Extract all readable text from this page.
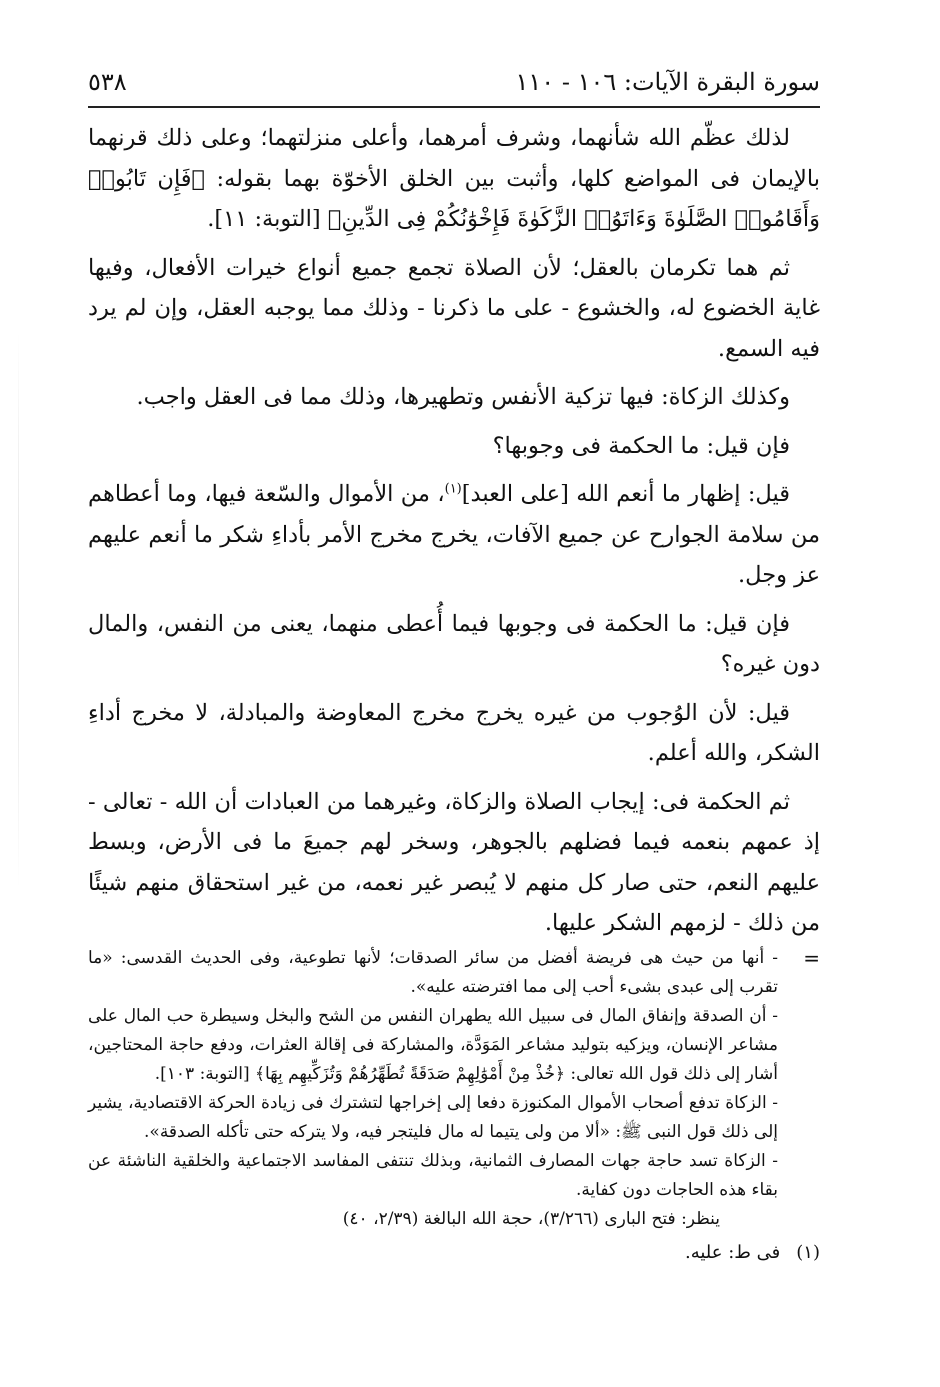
سورة البقرة الآيات: ١٠٦ - ١١٠
٥٣٨

لذلك عظّم الله شأنهما، وشرف أمرهما، وأعلى منزلتهما؛ وعلى ذلك قرنهما بالإيمان فى المواضع كلها، وأثبت بين الخلق الأخوّة بهما بقوله: ﴿فَإِن تَابُوا۟ وَأَقَامُوا۟ الصَّلَوٰةَ وَءَاتَوُا۟ الزَّكَوٰةَ فَإِخْوَٰنُكُمْ فِى الدِّينِ﴾ [التوبة: ١١].

ثم هما تكرمان بالعقل؛ لأن الصلاة تجمع جميع أنواع خيرات الأفعال، وفيها غاية الخضوع له، والخشوع - على ما ذكرنا - وذلك مما يوجبه العقل، وإن لم يرد فيه السمع.

وكذلك الزكاة: فيها تزكية الأنفس وتطهيرها، وذلك مما فى العقل واجب.

فإن قيل: ما الحكمة فى وجوبها؟

قيل: إظهار ما أنعم الله [على العبد]$^{(١)}$، من الأموال والسّعة فيها، وما أعطاهم من سلامة الجوارح عن جميع الآفات، يخرج مخرج الأمر بأداءِ شكر ما أنعم عليهم عز وجل.

فإن قيل: ما الحكمة فى وجوبها فيما أُعطى منهما، يعنى من النفس، والمال دون غيره؟

قيل: لأن الوُجوب من غيره يخرج مخرج المعاوضة والمبادلة، لا مخرج أداءِ الشكر، والله أعلم.

ثم الحكمة فى: إيجاب الصلاة والزكاة، وغيرهما من العبادات أن الله - تعالى - إذ عمهم بنعمه فيما فضلهم بالجوهر، وسخر لهم جميعَ ما فى الأرض، وبسط عليهم النعم، حتى صار كل منهم لا يُبصر غير نعمه، من غير استحقاق منهم شيئًا من ذلك - لزمهم الشكر عليها.

=

- أنها من حيث هى فريضة أفضل من سائر الصدقات؛ لأنها تطوعية، وفى الحديث القدسى: «ما تقرب إلى عبدى بشىء أحب إلى مما افترضته عليه».

- أن الصدقة وإنفاق المال فى سبيل الله يطهران النفس من الشح والبخل وسيطرة حب المال على مشاعر الإنسان، ويزكيه بتوليد مشاعر المَوَدَّة، والمشاركة فى إقالة العثرات، ودفع حاجة المحتاجين، أشار إلى ذلك قول الله تعالى: ﴿خُذْ مِنْ أَمْوَٰلِهِمْ صَدَقَةً تُطَهِّرُهُمْ وَتُزَكِّيهِم بِهَا﴾ [التوبة: ١٠٣].

- الزكاة تدفع أصحاب الأموال المكنوزة دفعا إلى إخراجها لتشترك فى زيادة الحركة الاقتصادية، يشير إلى ذلك قول النبى ﷺ: «ألا من ولى يتيما له مال فليتجر فيه، ولا يتركه حتى تأكله الصدقة».

- الزكاة تسد حاجة جهات المصارف الثمانية، وبذلك تنتفى المفاسد الاجتماعية والخلقية الناشئة عن بقاء هذه الحاجات دون كفاية.

ينظر: فتح البارى (٣/٢٦٦)، حجة الله البالغة (٢/٣٩، ٤٠)

(١) فى ط: عليه.
